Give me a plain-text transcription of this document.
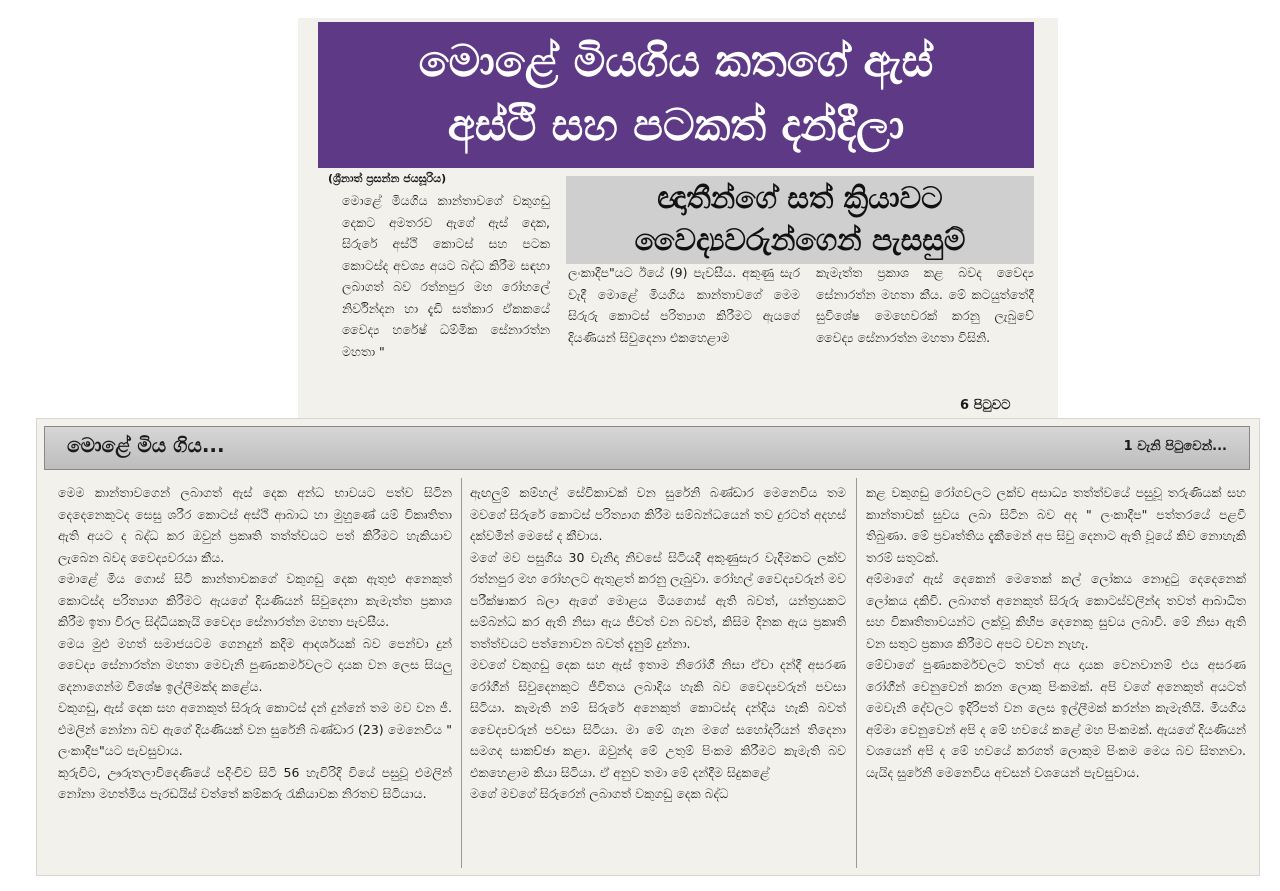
මොළේ මියගිය කතගේ ඇස්
අස්ථි සහ පටකත් දන්දීලා
(ශ්‍රීනාත් ප්‍රසන්න ජයසූරිය)
ඥාතීන්ගේ සත් ක්‍රියාවට
වෛද්‍යවරුන්ගෙන් පැසසුම්

මොළේ මියගිය කාන්තාවගේ වකුගඩු දෙකට අමතරව ඇගේ ඇස් දෙක, සිරුරේ අස්ථි කොටස් සහ පටක කොටස්ද අවශ්‍ය අයට බද්ධ කිරීම සඳහා ලබාගත් බව රත්නපුර මහ රෝහලේ නිර්වින්දන හා දැඩි සත්කාර ඒකකයේ වෛද්‍ය හරේෂ් ධම්මික සේනාරත්න මහතා "

ලංකාදීප"යට ඊයේ (9) පැවසීය. අකුණු සැර වැදී මොළේ මියගිය කාන්තාවගේ මෙම සිරුරු කොටස් පරිත්‍යාග කිරීමට ඇයගේ දියණියන් සිවුදෙනා එකහෙළාම

කැමැත්ත ප්‍රකාශ කළ බවද වෛද්‍ය සේනාරත්න මහතා කීය. මේ කටයුත්තේදී සුවිශේෂ මෙහෙවරක් කරනු ලැබුවේ වෛද්‍ය සේනාරත්න මහතා විසිනි.

6 පිටුවට
මොළේ මිය ගිය...	1 වැනි පිටුවෙන්...

මෙම කාන්තාවගෙන් ලබාගත් ඇස් දෙක අන්ධ භාවයට පත්ව සිටින දෙදෙනෙකුටද සෙසු ශරීර කොටස් අස්ථි ආබාධ හා මුහුණේ යම් විකෘතිතා ඇති අයට ද බද්ධ කර ඔවුන් ප්‍රකෘති තත්ත්වයට පත් කිරීමට හැකියාව ලැබෙන බවද වෛද්‍යවරයා කීය.

මොළේ මිය ගොස් සිටි කාන්තාවකගේ වකුගඩු දෙක ඇතුළු අනෙකුත් කොටස්ද පරිත්‍යාග කිරීමට ඇයගේ දියණියන් සිවුදෙනා කැමැත්ත ප්‍රකාශ කිරීම ඉතා විරල සිද්ධියකැයි වෛද්‍ය සේනාරත්න මහතා පැවසීය.

මෙය මුළු මහත් සමාජයටම ගෙනදුන් කදිම ආදර්ශයක් බව පෙන්වා දුන් වෛද්‍ය සේනාරත්න මහතා මෙවැනි පුණ්‍යකර්මවලට දායක වන ලෙස සියලු දෙනාගෙන්ම විශේෂ ඉල්ලීමක්ද කළේය.

වකුගඩු, ඇස් දෙක සහ අනෙකුත් සිරුරු කොටස් දන් දුන්නේ තම මව වන ජී. එමලින් නෝනා බව ඇගේ දියණියක් වන සුරේනි බණ්ඩාර (23) මෙනෙවිය " ලංකාදීප"යට පැවසුවාය.

කුරුවිට, ඌරුතලාවිදෙණියේ පදිංචිව සිටි 56 හැවිරිදි වියේ පසුවූ එමලින් නෝනා මහත්මිය පැරඩයිස් වත්තේ කම්කරු රැකියාවක නිරතව සිටියාය.

ඇඟලුම් කම්හල් සේවිකාවක් වන සුරේනි බණ්ඩාර මෙනෙවිය තම මවගේ සිරුරේ කොටස් පරිත්‍යාග කිරීම සම්බන්ධයෙන් තව දුරටත් අදහස් දක්වමින් මෙසේ ද කීවාය.

මගේ මව පසුගිය 30 වැනිදා නිවසේ සිටියදී අකුණුසැර වැදීමකට ලක්ව රත්නපුර මහ රෝහලට ඇතුළත් කරනු ලැබුවා. රෝහල් වෛද්‍යවරුන් මව පරීක්ෂාකර බලා ඇගේ මොළය මියගොස් ඇති බවත්, යන්ත්‍රයකට සම්බන්ධ කර ඇති නිසා ඇය ජීවත් වන බවත්, කිසිම දිනක ඇය ප්‍රකෘති තත්ත්වයට පත්නොවන බවත් දැනුම් දුන්නා.

මවගේ වකුගඩු දෙක සහ ඇස් ඉතාම නිරෝගී නිසා ඒවා දන්දී අසරණ රෝගීන් සිවුදෙනකුට ජීවිතය ලබාදිය හැකි බව වෛද්‍යවරුන් පවසා සිටියා. කැමැති නම් සිරුරේ අනෙකුත් කොටස්ද දන්දිය හැකි බවත් වෛද්‍යවරුන් පවසා සිටියා. මා මේ ගැන මගේ සහෝදරියන් තිදෙනා සමගද සාකච්ඡා කළා. ඔවුන්ද මේ උතුම් පිංකම කිරීමට කැමැති බව එකහෙළාම කියා සිටියා. ඒ අනුව තමා මේ දන්දීම සිදුකළේ

මගේ මවගේ සිරුරෙන් ලබාගත් වකුගඩු දෙක බද්ධ

කළ වකුගඩු රෝගවලට ලක්ව අසාධ්‍ය තත්ත්වයේ පසුවූ තරුණියක් සහ කාන්තාවක් සුවය ලබා සිටින බව අද " ලංකාදීප" පත්තරයේ පළවී තිබුණා. මේ ප්‍රවෘත්තිය දැකීමෙන් අප සිවු දෙනාට ඇති වූයේ කිව නොහැකි තරම් සතුටක්.

අම්මාගේ ඇස් දෙකෙන් මෙතෙක් කල් ලෝකය නොදුටු දෙදෙනෙක් ලෝකය දකිවි. ලබාගත් අනෙකුත් සිරුරු කොටස්වලින්ද තවත් ආබාධිත සහ විකෘතිතාවයන්ට ලක්වූ කිහිප දෙනෙකු සුවය ලබාවි. මේ නිසා ඇති වන සතුට ප්‍රකාශ කිරීමට අපට වචන නැහැ.

මේවාගේ පුණ්‍යකර්මවලට තවත් අය දායක වෙනවානම් එය අසරණ රෝගීන් වෙනුවෙන් කරන ලොකු පිංකමක්. අපි වගේ අනෙකුත් අයටත් මෙවැනි දේවලට ඉදිරිපත් වන ලෙස ඉල්ලීමක් කරන්න කැමැතියි. මියගිය අම්මා වෙනුවෙන් අපි ද මේ හවයේ කළේ මහ පිංකමක්. ඇයගේ දියණියන් වශයෙන් අපි ද මේ හවයේ කරගත් ලොකුම පිංකම මෙය බව සිතනවා. යැයිද සුරේනි මෙනෙවිය අවසන් වශයෙන් පැවසුවාය.
